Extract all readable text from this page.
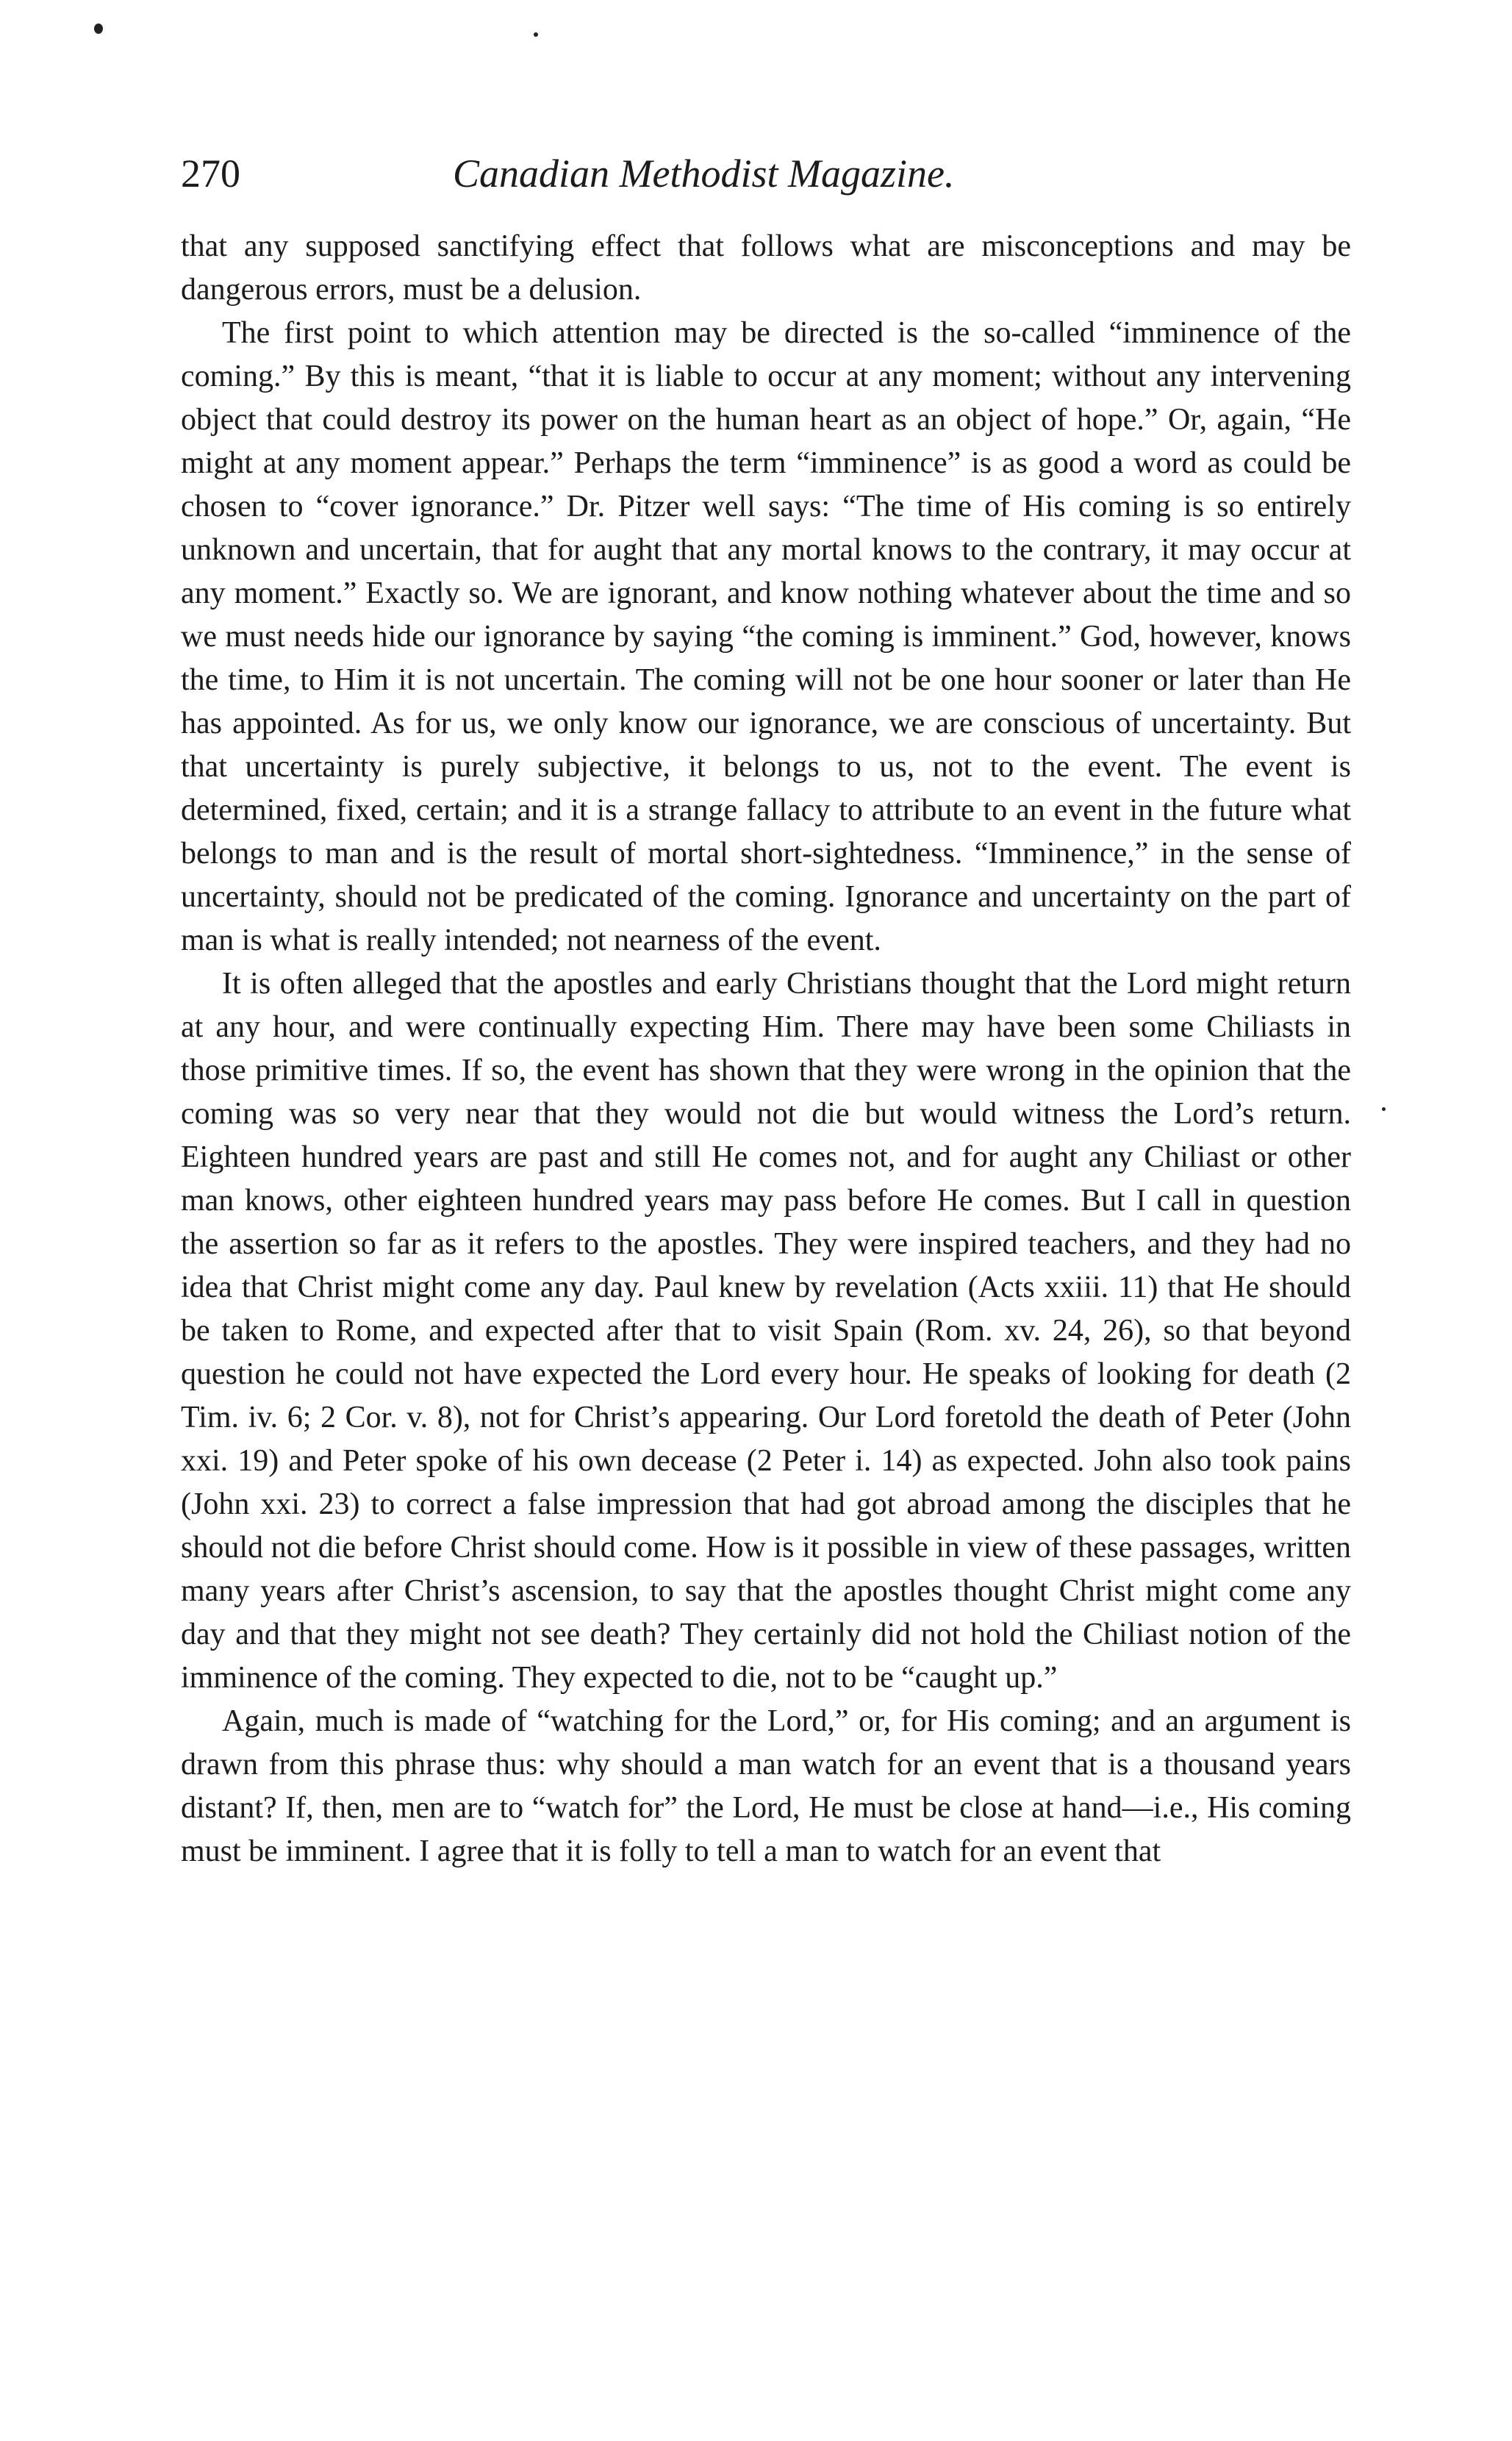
270	Canadian Methodist Magazine.

that any supposed sanctifying effect that follows what are misconceptions and may be dangerous errors, must be a delusion.

The first point to which attention may be directed is the so-called “imminence of the coming.” By this is meant, “that it is liable to occur at any moment; without any intervening object that could destroy its power on the human heart as an object of hope.” Or, again, “He might at any moment appear.” Perhaps the term “imminence” is as good a word as could be chosen to “cover ignorance.” Dr. Pitzer well says: “The time of His coming is so entirely unknown and uncertain, that for aught that any mortal knows to the contrary, it may occur at any moment.” Exactly so. We are ignorant, and know nothing whatever about the time and so we must needs hide our ignorance by saying “the coming is imminent.” God, however, knows the time, to Him it is not uncertain. The coming will not be one hour sooner or later than He has appointed. As for us, we only know our ignorance, we are conscious of uncertainty. But that uncertainty is purely subjective, it belongs to us, not to the event. The event is determined, fixed, certain; and it is a strange fallacy to attribute to an event in the future what belongs to man and is the result of mortal short-sightedness. “Imminence,” in the sense of uncertainty, should not be predicated of the coming. Ignorance and uncertainty on the part of man is what is really intended; not nearness of the event.

It is often alleged that the apostles and early Christians thought that the Lord might return at any hour, and were continually expecting Him. There may have been some Chiliasts in those primitive times. If so, the event has shown that they were wrong in the opinion that the coming was so very near that they would not die but would witness the Lord’s return. Eighteen hundred years are past and still He comes not, and for aught any Chiliast or other man knows, other eighteen hundred years may pass before He comes. But I call in question the assertion so far as it refers to the apostles. They were inspired teachers, and they had no idea that Christ might come any day. Paul knew by revelation (Acts xxiii. 11) that He should be taken to Rome, and expected after that to visit Spain (Rom. xv. 24, 26), so that beyond question he could not have expected the Lord every hour. He speaks of looking for death (2 Tim. iv. 6; 2 Cor. v. 8), not for Christ’s appearing. Our Lord foretold the death of Peter (John xxi. 19) and Peter spoke of his own decease (2 Peter i. 14) as expected. John also took pains (John xxi. 23) to correct a false impression that had got abroad among the disciples that he should not die before Christ should come. How is it possible in view of these passages, written many years after Christ’s ascension, to say that the apostles thought Christ might come any day and that they might not see death? They certainly did not hold the Chiliast notion of the imminence of the coming. They expected to die, not to be “caught up.”

Again, much is made of “watching for the Lord,” or, for His coming; and an argument is drawn from this phrase thus: why should a man watch for an event that is a thousand years distant? If, then, men are to “watch for” the Lord, He must be close at hand—i.e., His coming must be imminent. I agree that it is folly to tell a man to watch for an event that
